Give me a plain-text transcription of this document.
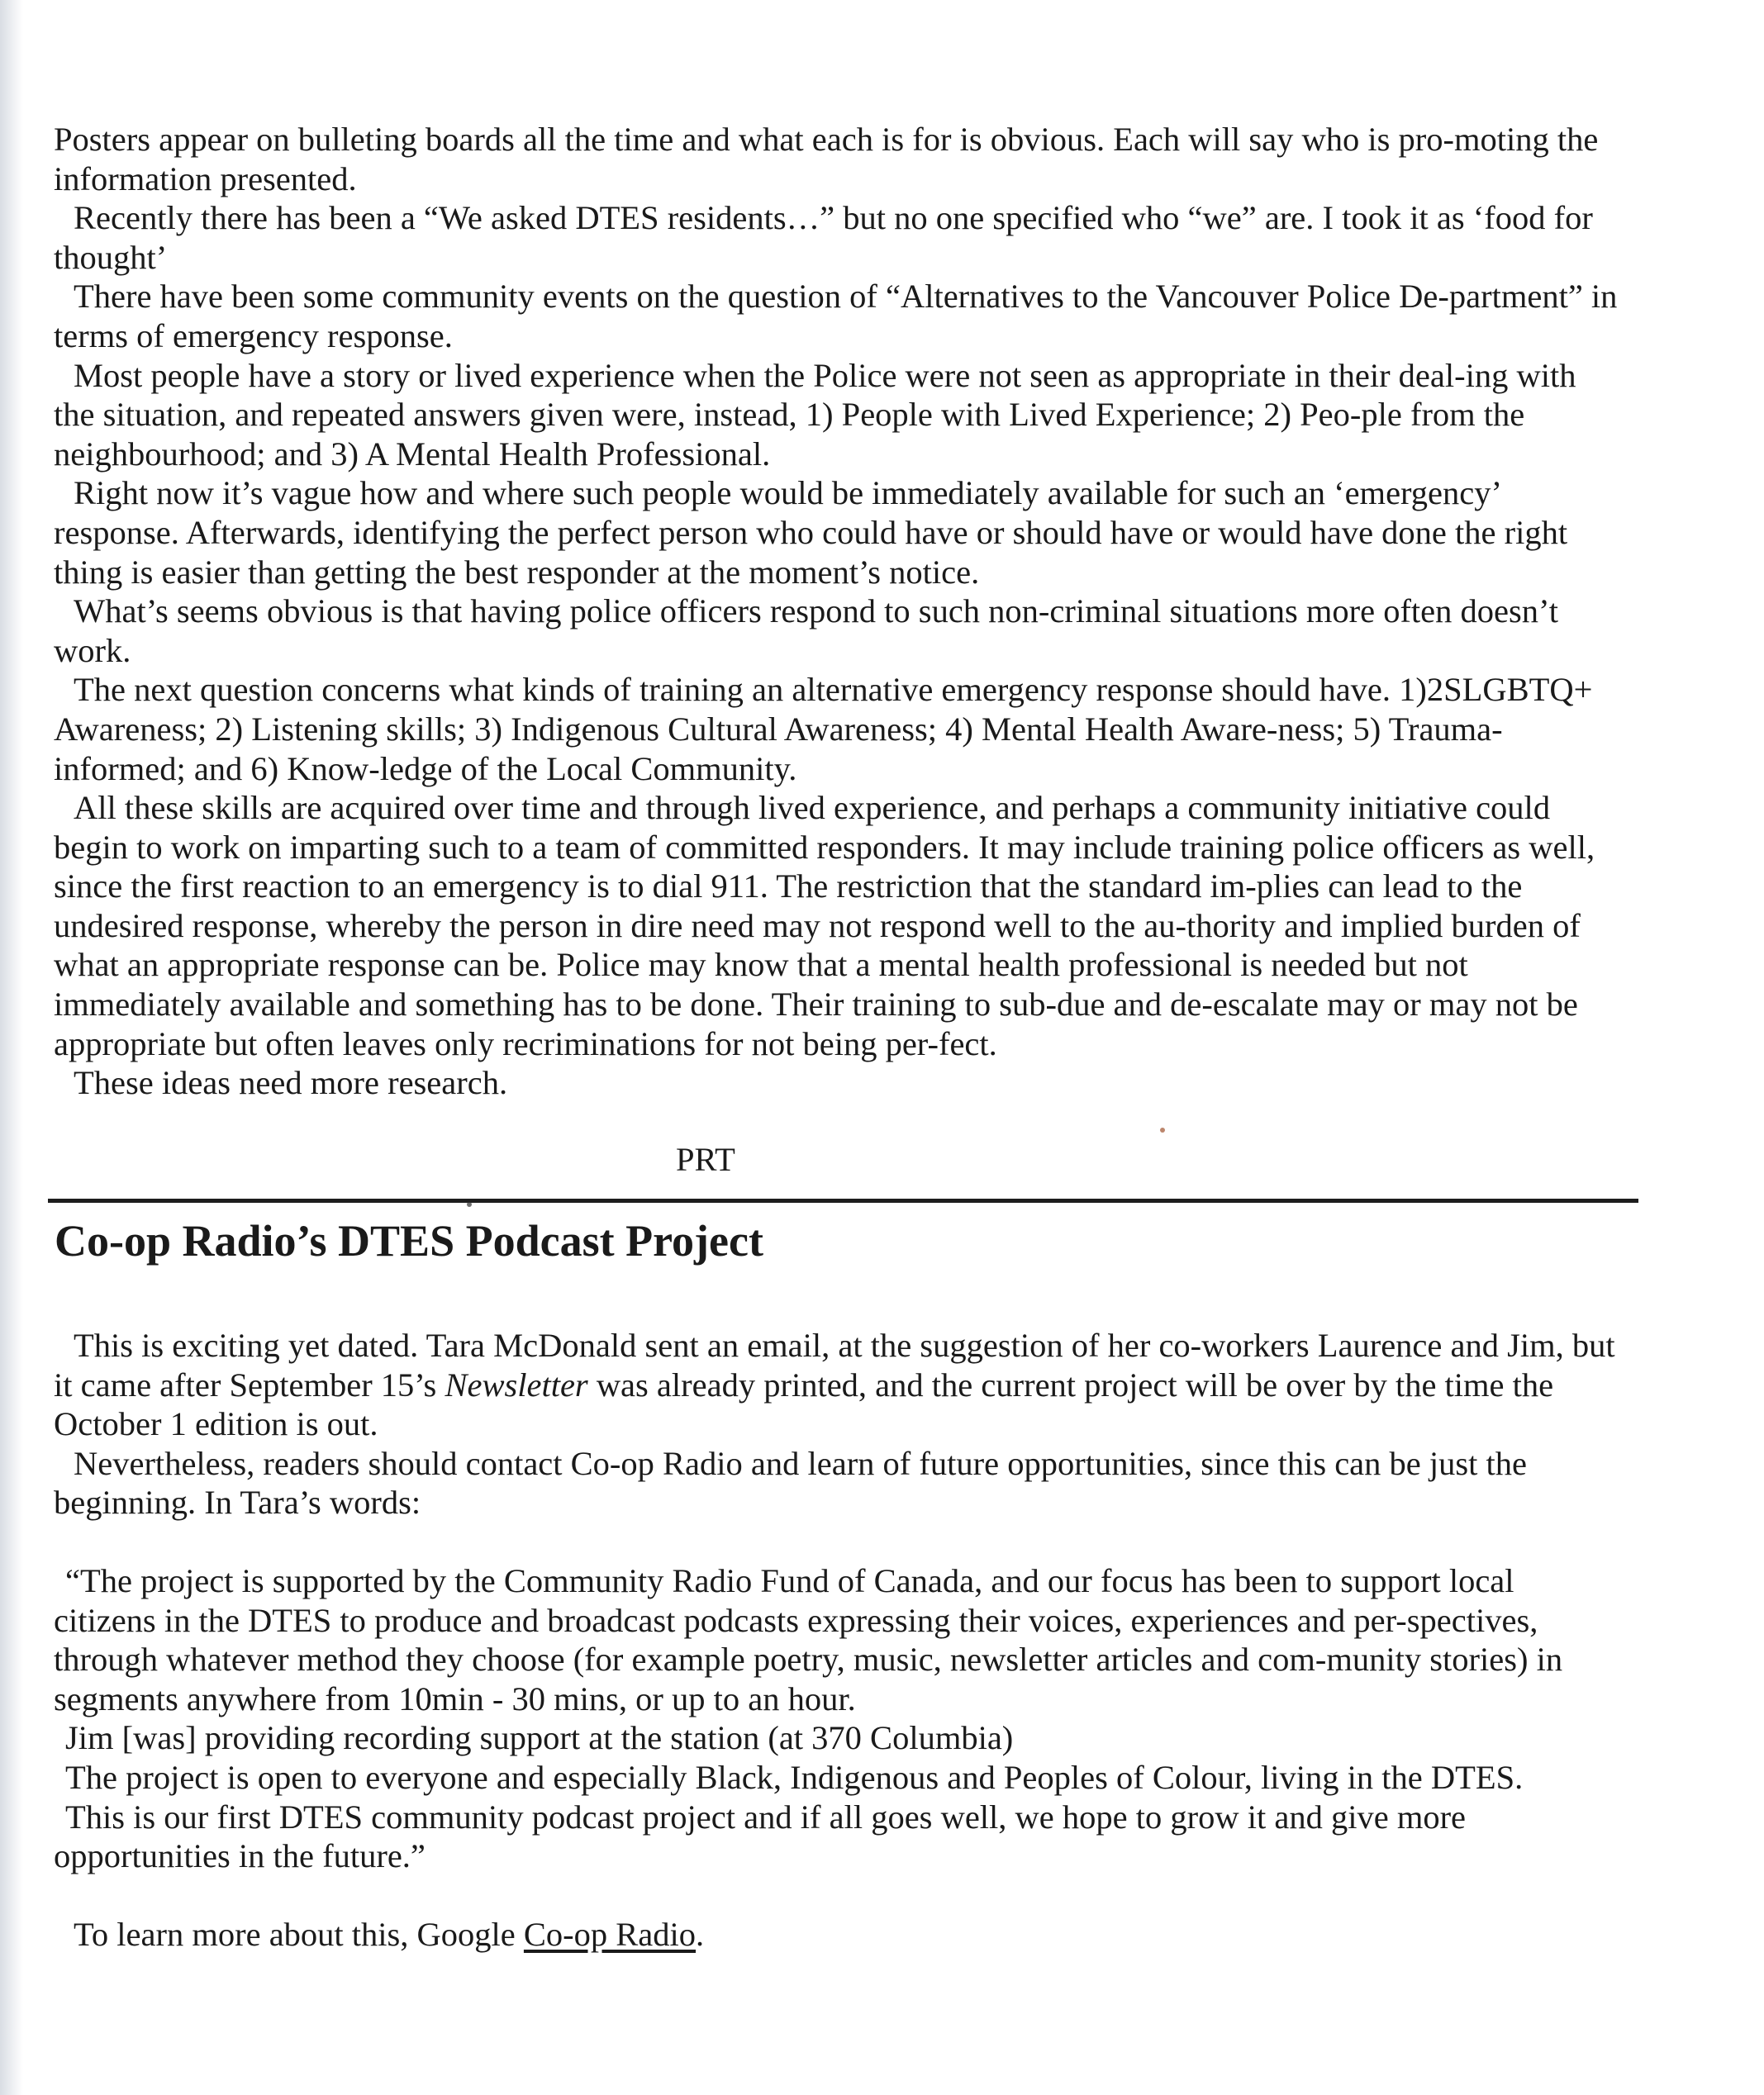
Posters appear on bulleting boards all the time and what each is for is obvious. Each will say who is pro-moting the information presented.

Recently there has been a “We asked DTES residents…” but no one specified who “we” are. I took it as ‘food for thought’

There have been some community events on the question of “Alternatives to the Vancouver Police De-partment” in terms of emergency response.

Most people have a story or lived experience when the Police were not seen as appropriate in their deal-ing with the situation, and repeated answers given were, instead, 1) People with Lived Experience; 2) Peo-ple from the neighbourhood; and 3) A Mental Health Professional.

Right now it’s vague how and where such people would be immediately available for such an ‘emergency’ response. Afterwards, identifying the perfect person who could have or should have or would have done the right thing is easier than getting the best responder at the moment’s notice.

What’s seems obvious is that having police officers respond to such non-criminal situations more often doesn’t work.

The next question concerns what kinds of training an alternative emergency response should have. 1)2SLGBTQ+ Awareness; 2) Listening skills; 3) Indigenous Cultural Awareness; 4) Mental Health Aware-ness; 5) Trauma-informed; and 6) Know-ledge of the Local Community.

All these skills are acquired over time and through lived experience, and perhaps a community initiative could begin to work on imparting such to a team of committed responders. It may include training police officers as well, since the first reaction to an emergency is to dial 911. The restriction that the standard im-plies can lead to the undesired response, whereby the person in dire need may not respond well to the au-thority and implied burden of what an appropriate response can be. Police may know that a mental health professional is needed but not immediately available and something has to be done. Their training to sub-due and de-escalate may or may not be appropriate but often leaves only recriminations for not being per-fect.

These ideas need more research.

PRT

Co-op Radio’s DTES Podcast Project

This is exciting yet dated. Tara McDonald sent an email, at the suggestion of her co-workers Laurence and Jim, but it came after September 15’s Newsletter was already printed, and the current project will be over by the time the October 1 edition is out.

Nevertheless, readers should contact Co-op Radio and learn of future opportunities, since this can be just the beginning. In Tara’s words:

“The project is supported by the Community Radio Fund of Canada, and our focus has been to support local citizens in the DTES to produce and broadcast podcasts expressing their voices, experiences and per-spectives, through whatever method they choose (for example poetry, music, newsletter articles and com-munity stories) in segments anywhere from 10min - 30 mins, or up to an hour.

Jim [was] providing recording support at the station (at 370 Columbia)

The project is open to everyone and especially Black, Indigenous and Peoples of Colour, living in the DTES.

This is our first DTES community podcast project and if all goes well, we hope to grow it and give more opportunities in the future.”

To learn more about this, Google Co-op Radio.
